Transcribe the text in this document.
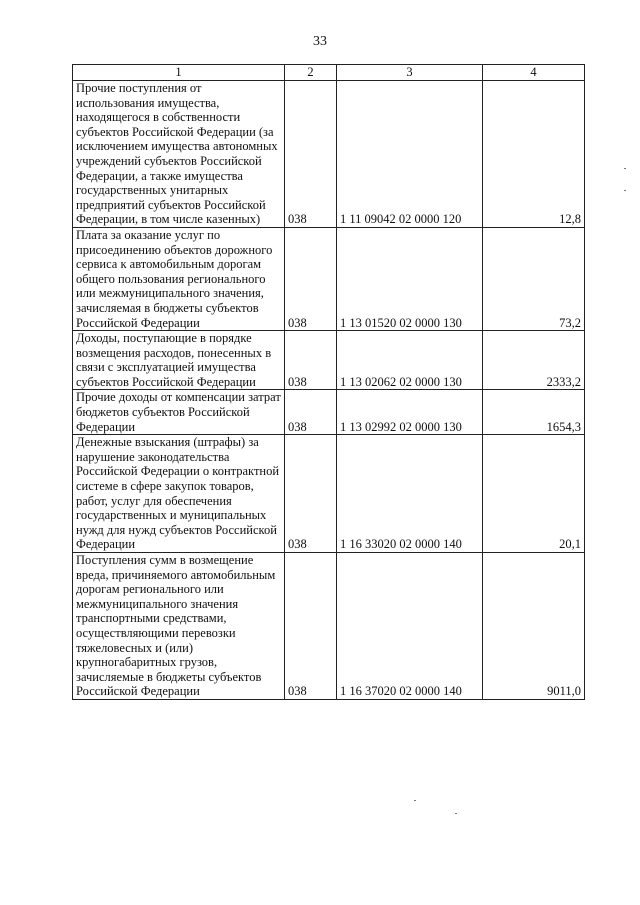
33
1	2	3	4

Прочие поступления от использования имущества, находящегося в собственности субъектов Российской Федерации (за исключением имущества автономных учреждений субъектов Российской Федерации, а также имущества государственных унитарных предприятий субъектов Российской Федерации, в том числе казенных)	038	1 11 09042 02 0000 120	12,8

Плата за оказание услуг по присоединению объектов дорожного сервиса к автомобильным дорогам общего пользования регионального или межмуниципального значения, зачисляемая в бюджеты субъектов Российской Федерации	038	1 13 01520 02 0000 130	73,2

Доходы, поступающие в порядке возмещения расходов, понесенных в связи с эксплуатацией имущества субъектов Российской Федерации	038	1 13 02062 02 0000 130	2333,2

Прочие доходы от компенсации затрат бюджетов субъектов Российской Федерации	038	1 13 02992 02 0000 130	1654,3

Денежные взыскания (штрафы) за нарушение законодательства Российской Федерации о контрактной системе в сфере закупок товаров, работ, услуг для обеспечения государственных и муниципальных нужд для нужд субъектов Российской Федерации	038	1 16 33020 02 0000 140	20,1

Поступления сумм в возмещение вреда, причиняемого автомобильным дорогам регионального или межмуниципального значения транспортными средствами, осуществляющими перевозки тяжеловесных и (или) крупногабаритных грузов, зачисляемые в бюджеты субъектов Российской Федерации	038	1 16 37020 02 0000 140	9011,0
